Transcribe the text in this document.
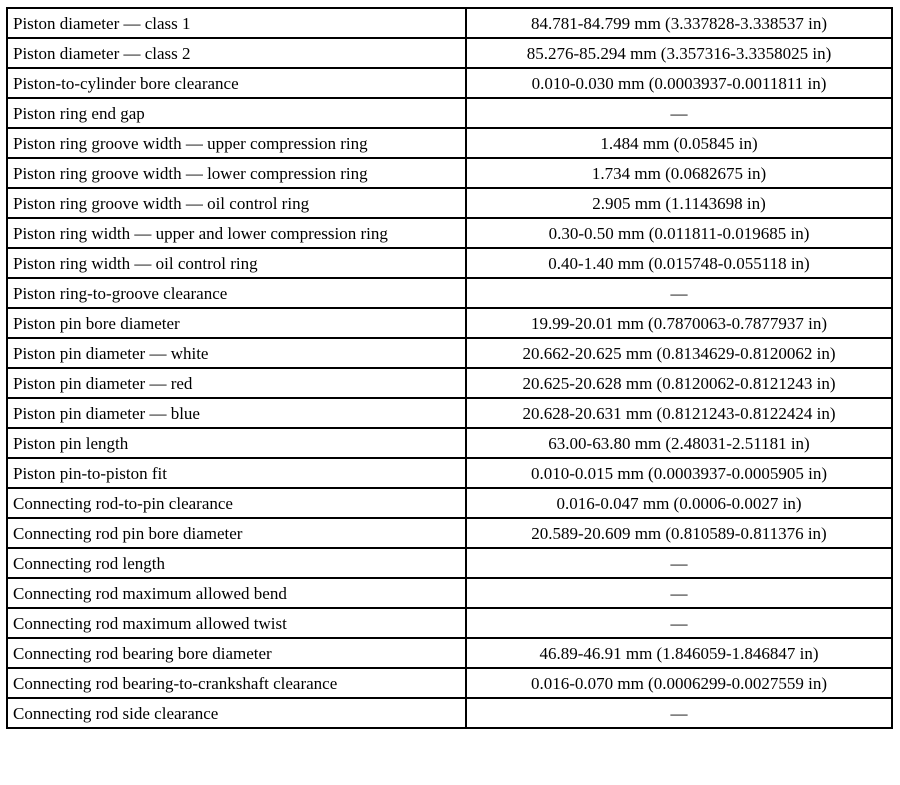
Piston diameter — class 1	84.781-84.799 mm (3.337828-3.338537 in)
Piston diameter — class 2	85.276-85.294 mm (3.357316-3.3358025 in)
Piston-to-cylinder bore clearance	0.010-0.030 mm (0.0003937-0.0011811 in)
Piston ring end gap	—
Piston ring groove width — upper compression ring	1.484 mm (0.05845 in)
Piston ring groove width — lower compression ring	1.734 mm (0.0682675 in)
Piston ring groove width — oil control ring	2.905 mm (1.1143698 in)
Piston ring width — upper and lower compression ring	0.30-0.50 mm (0.011811-0.019685 in)
Piston ring width — oil control ring	0.40-1.40 mm (0.015748-0.055118 in)
Piston ring-to-groove clearance	—
Piston pin bore diameter	19.99-20.01 mm (0.7870063-0.7877937 in)
Piston pin diameter — white	20.662-20.625 mm (0.8134629-0.8120062 in)
Piston pin diameter — red	20.625-20.628 mm (0.8120062-0.8121243 in)
Piston pin diameter — blue	20.628-20.631 mm (0.8121243-0.8122424 in)
Piston pin length	63.00-63.80 mm (2.48031-2.51181 in)
Piston pin-to-piston fit	0.010-0.015 mm (0.0003937-0.0005905 in)
Connecting rod-to-pin clearance	0.016-0.047 mm (0.0006-0.0027 in)
Connecting rod pin bore diameter	20.589-20.609 mm (0.810589-0.811376 in)
Connecting rod length	—
Connecting rod maximum allowed bend	—
Connecting rod maximum allowed twist	—
Connecting rod bearing bore diameter	46.89-46.91 mm (1.846059-1.846847 in)
Connecting rod bearing-to-crankshaft clearance	0.016-0.070 mm (0.0006299-0.0027559 in)
Connecting rod side clearance	—
